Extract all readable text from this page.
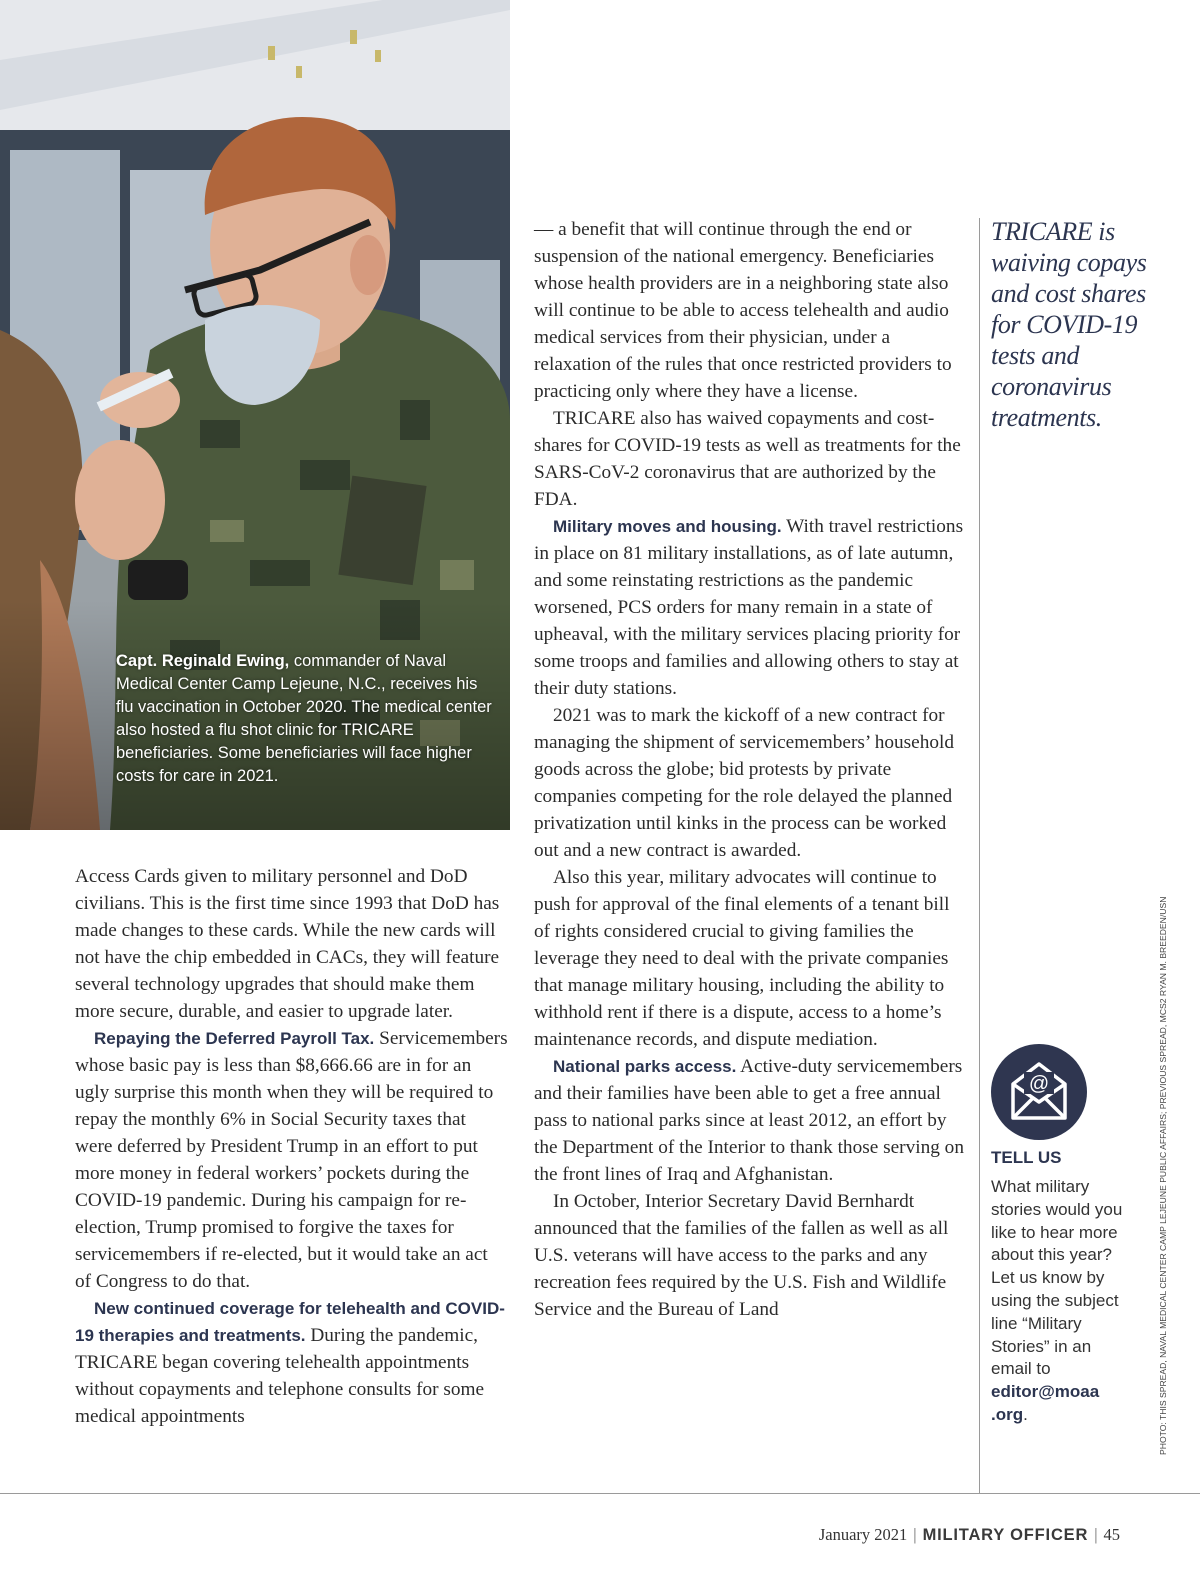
Capt. Reginald Ewing, commander of Naval Medical Center Camp Lejeune, N.C., receives his flu vaccination in October 2020. The medical center also hosted a flu shot clinic for TRICARE beneficiaries. Some beneficiaries will face higher costs for care in 2021.

Access Cards given to military personnel and DoD civilians. This is the first time since 1993 that DoD has made changes to these cards. While the new cards will not have the chip embedded in CACs, they will feature several technology upgrades that should make them more secure, durable, and easier to upgrade later.

Repaying the Deferred Payroll Tax. Servicemembers whose basic pay is less than $8,666.66 are in for an ugly surprise this month when they will be required to repay the monthly 6% in Social Security taxes that were deferred by President Trump in an effort to put more money in federal workers’ pockets during the COVID-19 pandemic. During his campaign for re-election, Trump promised to forgive the taxes for servicemembers if re-elected, but it would take an act of Congress to do that.

New continued coverage for telehealth and COVID-19 therapies and treatments. During the pandemic, TRICARE began covering telehealth appointments without copayments and telephone consults for some medical appointments

— a benefit that will continue through the end or suspension of the national emergency. Beneficiaries whose health providers are in a neighboring state also will continue to be able to access telehealth and audio medical services from their physician, under a relaxation of the rules that once restricted providers to practicing only where they have a license.

TRICARE also has waived copayments and cost-shares for COVID-19 tests as well as treatments for the SARS-CoV-2 coronavirus that are authorized by the FDA.

Military moves and housing. With travel restrictions in place on 81 military installations, as of late autumn, and some reinstating restrictions as the pandemic worsened, PCS orders for many remain in a state of upheaval, with the military services placing priority for some troops and families and allowing others to stay at their duty stations.

2021 was to mark the kickoff of a new contract for managing the shipment of servicemembers’ household goods across the globe; bid protests by private companies competing for the role delayed the planned privatization until kinks in the process can be worked out and a new contract is awarded.

Also this year, military advocates will continue to push for approval of the final elements of a tenant bill of rights considered crucial to giving families the leverage they need to deal with the private companies that manage military housing, including the ability to withhold rent if there is a dispute, access to a home’s maintenance records, and dispute mediation.

National parks access. Active-duty servicemembers and their families have been able to get a free annual pass to national parks since at least 2012, an effort by the Department of the Interior to thank those serving on the front lines of Iraq and Afghanistan.

In October, Interior Secretary David Bernhardt announced that the families of the fallen as well as all U.S. veterans will have access to the parks and any recreation fees required by the U.S. Fish and Wildlife Service and the Bureau of Land

TRICARE is waiving copays and cost shares for COVID-19 tests and coronavirus treatments.
@
TELL US
What military stories would you like to hear more about this year? Let us know by using the subject line “Military Stories” in an email to editor@moaa .org.	PHOTO: THIS SPREAD, NAVAL MEDICAL CENTER CAMP LEJEUNE PUBLIC AFFAIRS; PREVIOUS SPREAD, MCS2 RYAN M. BREEDEN/USN
January 2021 | MILITARY OFFICER | 45
